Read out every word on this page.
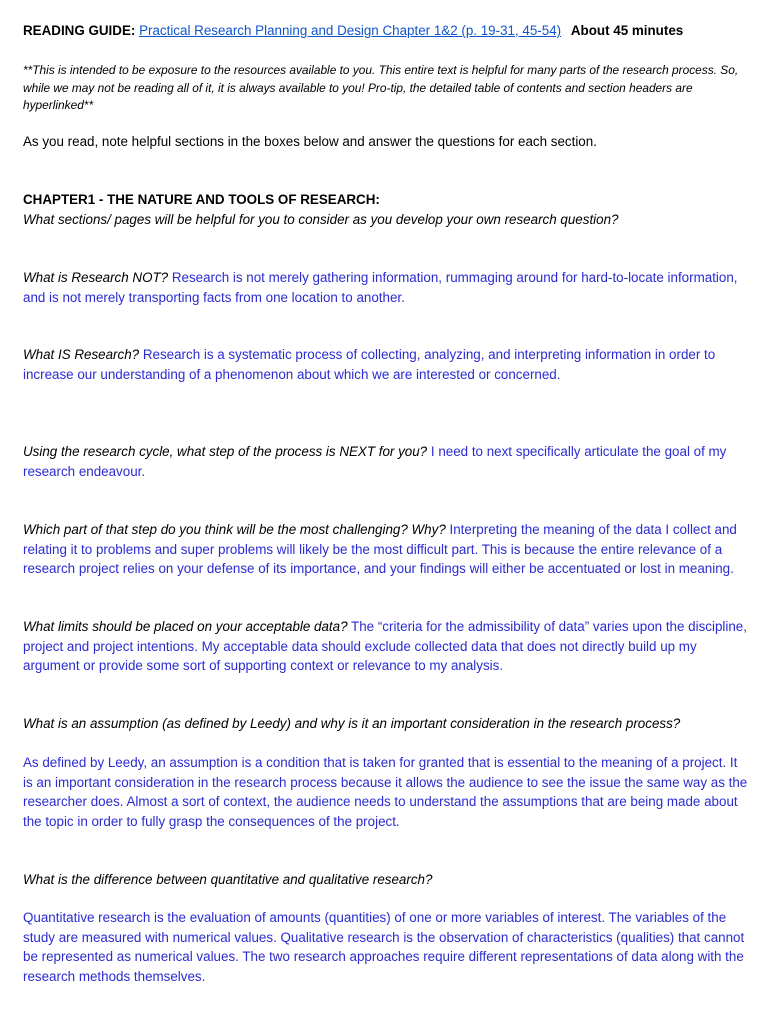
READING GUIDE: Practical Research Planning and Design Chapter 1&2 (p. 19-31, 45-54) About 45 minutes

**This is intended to be exposure to the resources available to you. This entire text is helpful for many parts of the research process. So, while we may not be reading all of it, it is always available to you! Pro-tip, the detailed table of contents and section headers are hyperlinked**

As you read, note helpful sections in the boxes below and answer the questions for each section.

CHAPTER1 - THE NATURE AND TOOLS OF RESEARCH:
What sections/ pages will be helpful for you to consider as you develop your own research question?

What is Research NOT? Research is not merely gathering information, rummaging around for hard-to-locate information, and is not merely transporting facts from one location to another.

What IS Research? Research is a systematic process of collecting, analyzing, and interpreting information in order to increase our understanding of a phenomenon about which we are interested or concerned.

Using the research cycle, what step of the process is NEXT for you? I need to next specifically articulate the goal of my research endeavour.

Which part of that step do you think will be the most challenging? Why? Interpreting the meaning of the data I collect and relating it to problems and super problems will likely be the most difficult part. This is because the entire relevance of a research project relies on your defense of its importance, and your findings will either be accentuated or lost in meaning.

What limits should be placed on your acceptable data? The “criteria for the admissibility of data” varies upon the discipline, project and project intentions. My acceptable data should exclude collected data that does not directly build up my argument or provide some sort of supporting context or relevance to my analysis.

What is an assumption (as defined by Leedy) and why is it an important consideration in the research process?

As defined by Leedy, an assumption is a condition that is taken for granted that is essential to the meaning of a project. It is an important consideration in the research process because it allows the audience to see the issue the same way as the researcher does. Almost a sort of context, the audience needs to understand the assumptions that are being made about the topic in order to fully grasp the consequences of the project.

What is the difference between quantitative and qualitative research?

Quantitative research is the evaluation of amounts (quantities) of one or more variables of interest. The variables of the study are measured with numerical values. Qualitative research is the observation of characteristics (qualities) that cannot be represented as numerical values. The two research approaches require different representations of data along with the research methods themselves.
